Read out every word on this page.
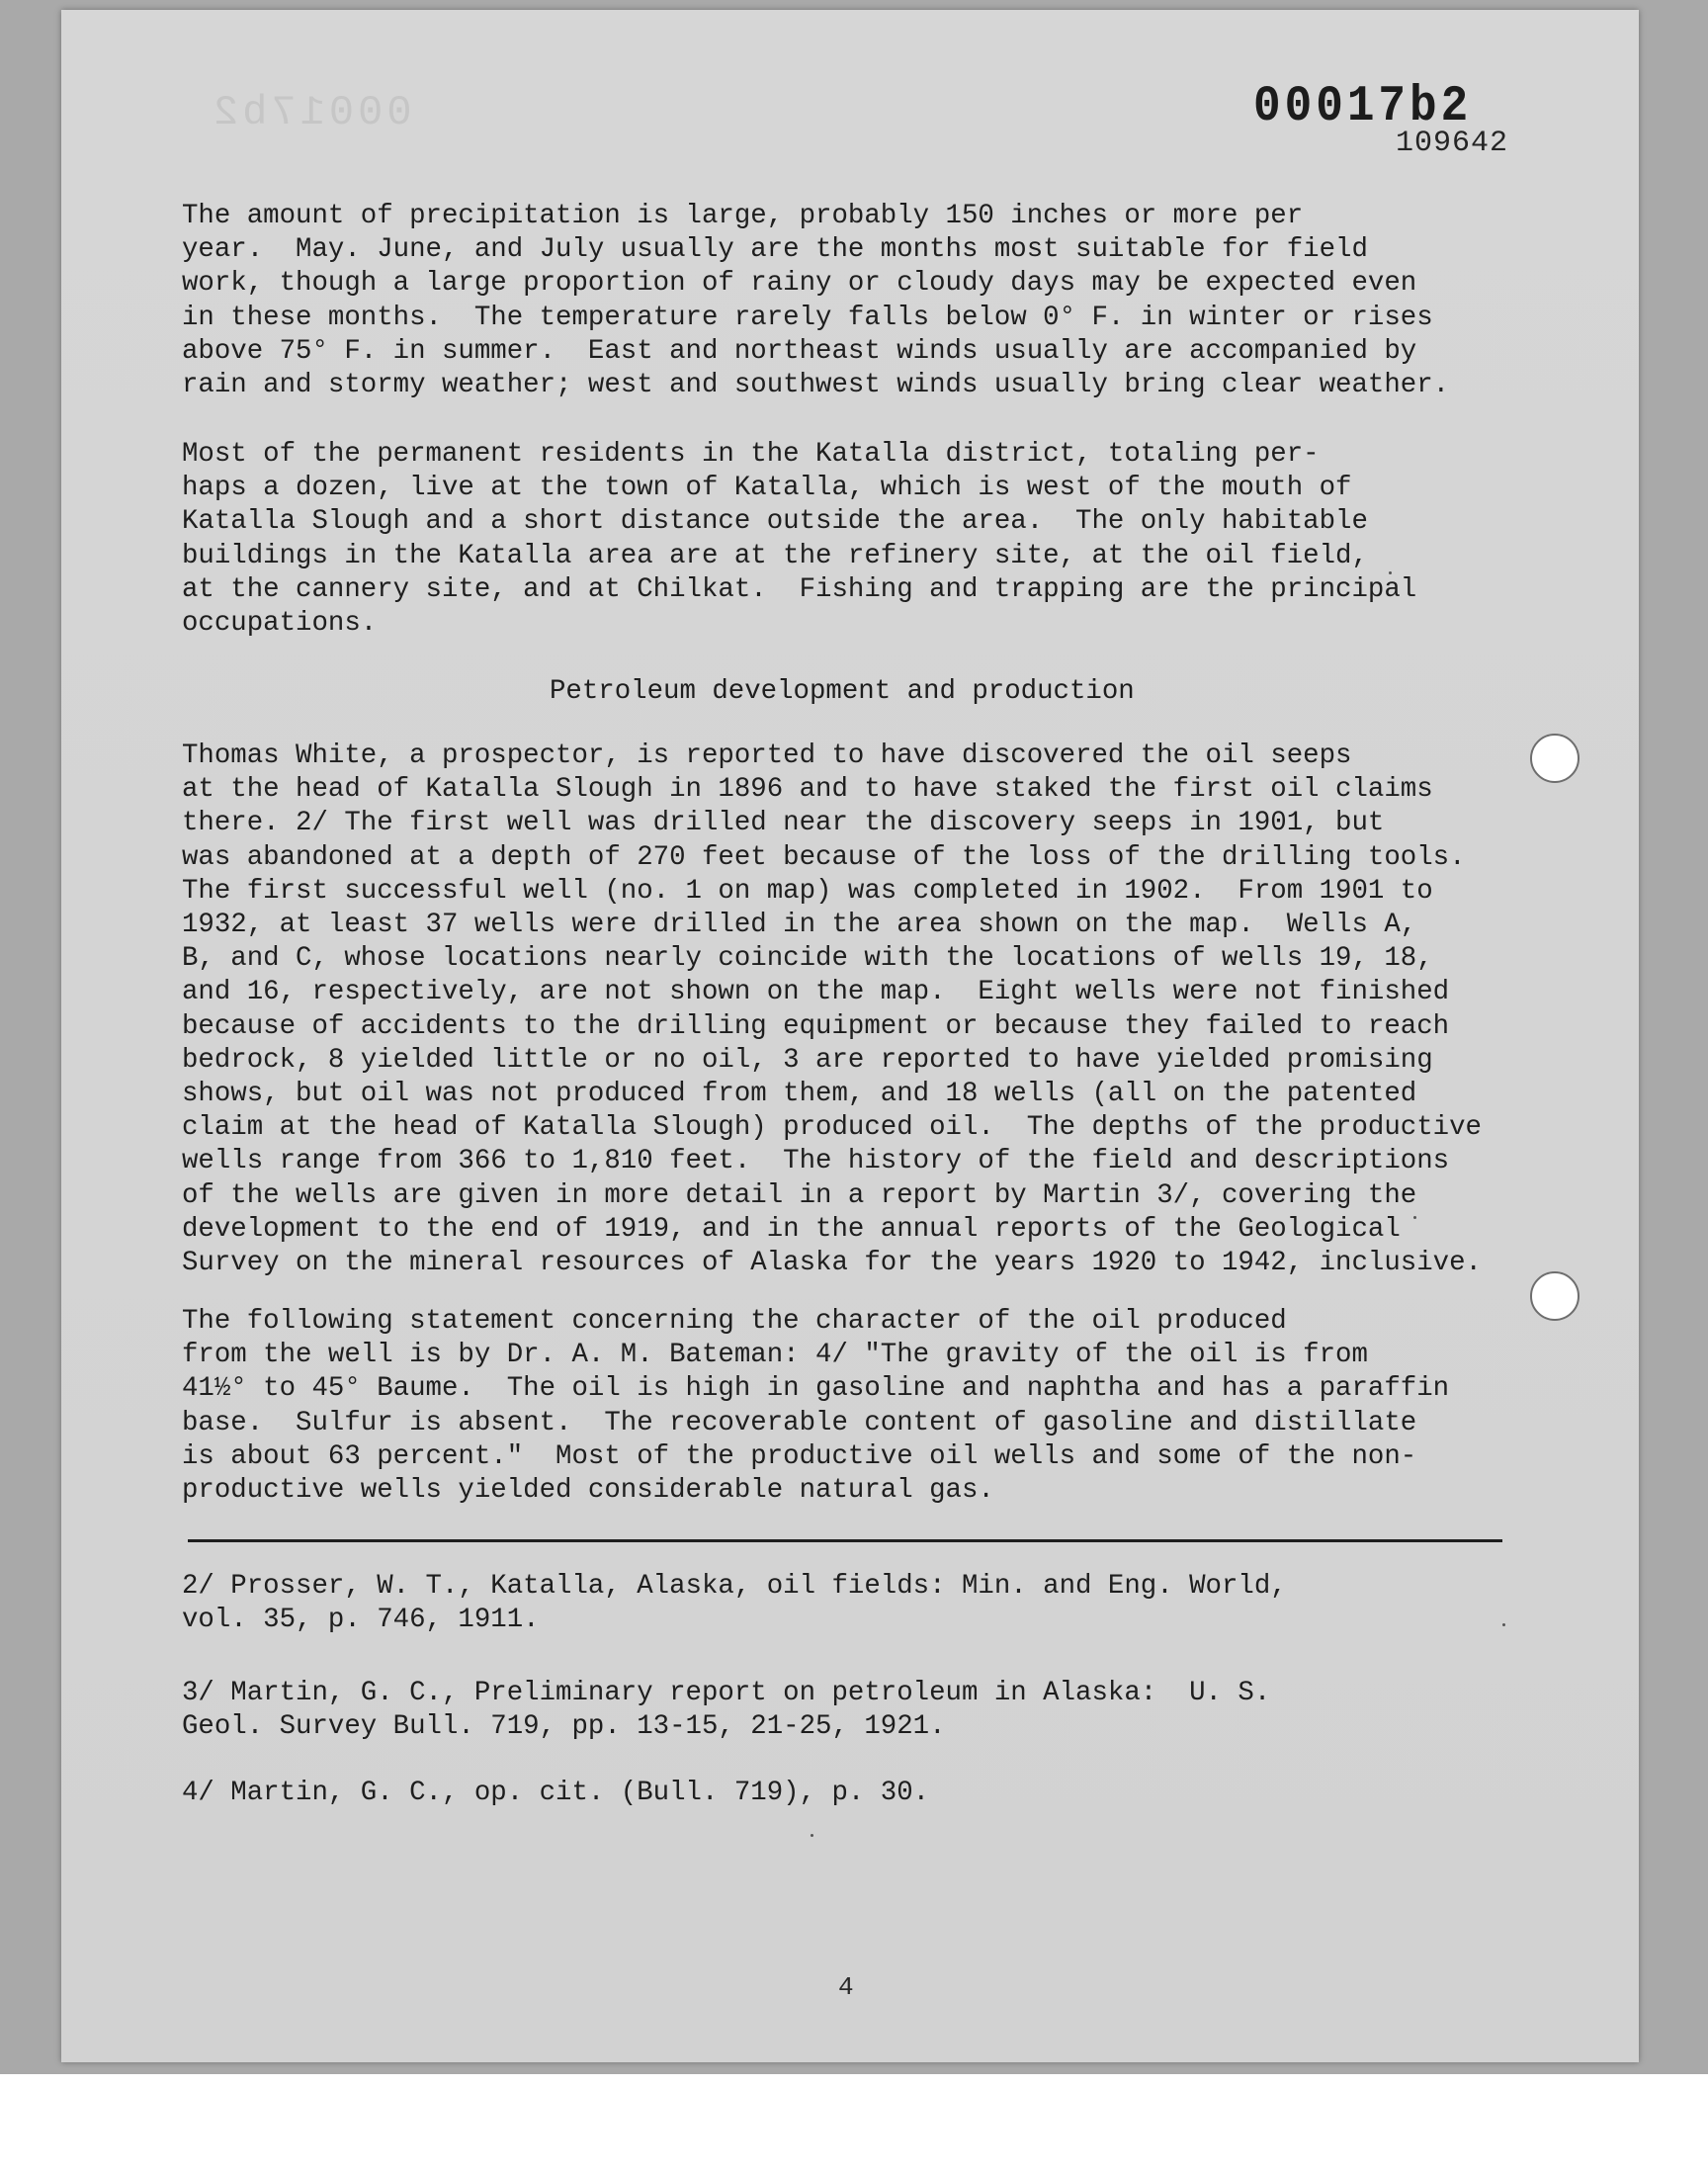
00017b2	00017b2
109642
The amount of precipitation is large, probably 150 inches or more per
year.  May. June, and July usually are the months most suitable for field
work, though a large proportion of rainy or cloudy days may be expected even
in these months.  The temperature rarely falls below 0° F. in winter or rises
above 75° F. in summer.  East and northeast winds usually are accompanied by
rain and stormy weather; west and southwest winds usually bring clear weather.
Most of the permanent residents in the Katalla district, totaling per-
haps a dozen, live at the town of Katalla, which is west of the mouth of
Katalla Slough and a short distance outside the area.  The only habitable
buildings in the Katalla area are at the refinery site, at the oil field,
at the cannery site, and at Chilkat.  Fishing and trapping are the principal
occupations.
Petroleum development and production
Thomas White, a prospector, is reported to have discovered the oil seeps
at the head of Katalla Slough in 1896 and to have staked the first oil claims
there. 2/ The first well was drilled near the discovery seeps in 1901, but
was abandoned at a depth of 270 feet because of the loss of the drilling tools.
The first successful well (no. 1 on map) was completed in 1902.  From 1901 to
1932, at least 37 wells were drilled in the area shown on the map.  Wells A,
B, and C, whose locations nearly coincide with the locations of wells 19, 18,
and 16, respectively, are not shown on the map.  Eight wells were not finished
because of accidents to the drilling equipment or because they failed to reach
bedrock, 8 yielded little or no oil, 3 are reported to have yielded promising
shows, but oil was not produced from them, and 18 wells (all on the patented
claim at the head of Katalla Slough) produced oil.  The depths of the productive
wells range from 366 to 1,810 feet.  The history of the field and descriptions
of the wells are given in more detail in a report by Martin 3/, covering the
development to the end of 1919, and in the annual reports of the Geological
Survey on the mineral resources of Alaska for the years 1920 to 1942, inclusive.
The following statement concerning the character of the oil produced
from the well is by Dr. A. M. Bateman: 4/ "The gravity of the oil is from
41½° to 45° Baume.  The oil is high in gasoline and naphtha and has a paraffin
base.  Sulfur is absent.  The recoverable content of gasoline and distillate
is about 63 percent."  Most of the productive oil wells and some of the non-
productive wells yielded considerable natural gas.
2/ Prosser, W. T., Katalla, Alaska, oil fields: Min. and Eng. World,
vol. 35, p. 746, 1911.
3/ Martin, G. C., Preliminary report on petroleum in Alaska:  U. S.
Geol. Survey Bull. 719, pp. 13-15, 21-25, 1921.
4/ Martin, G. C., op. cit. (Bull. 719), p. 30.
4
